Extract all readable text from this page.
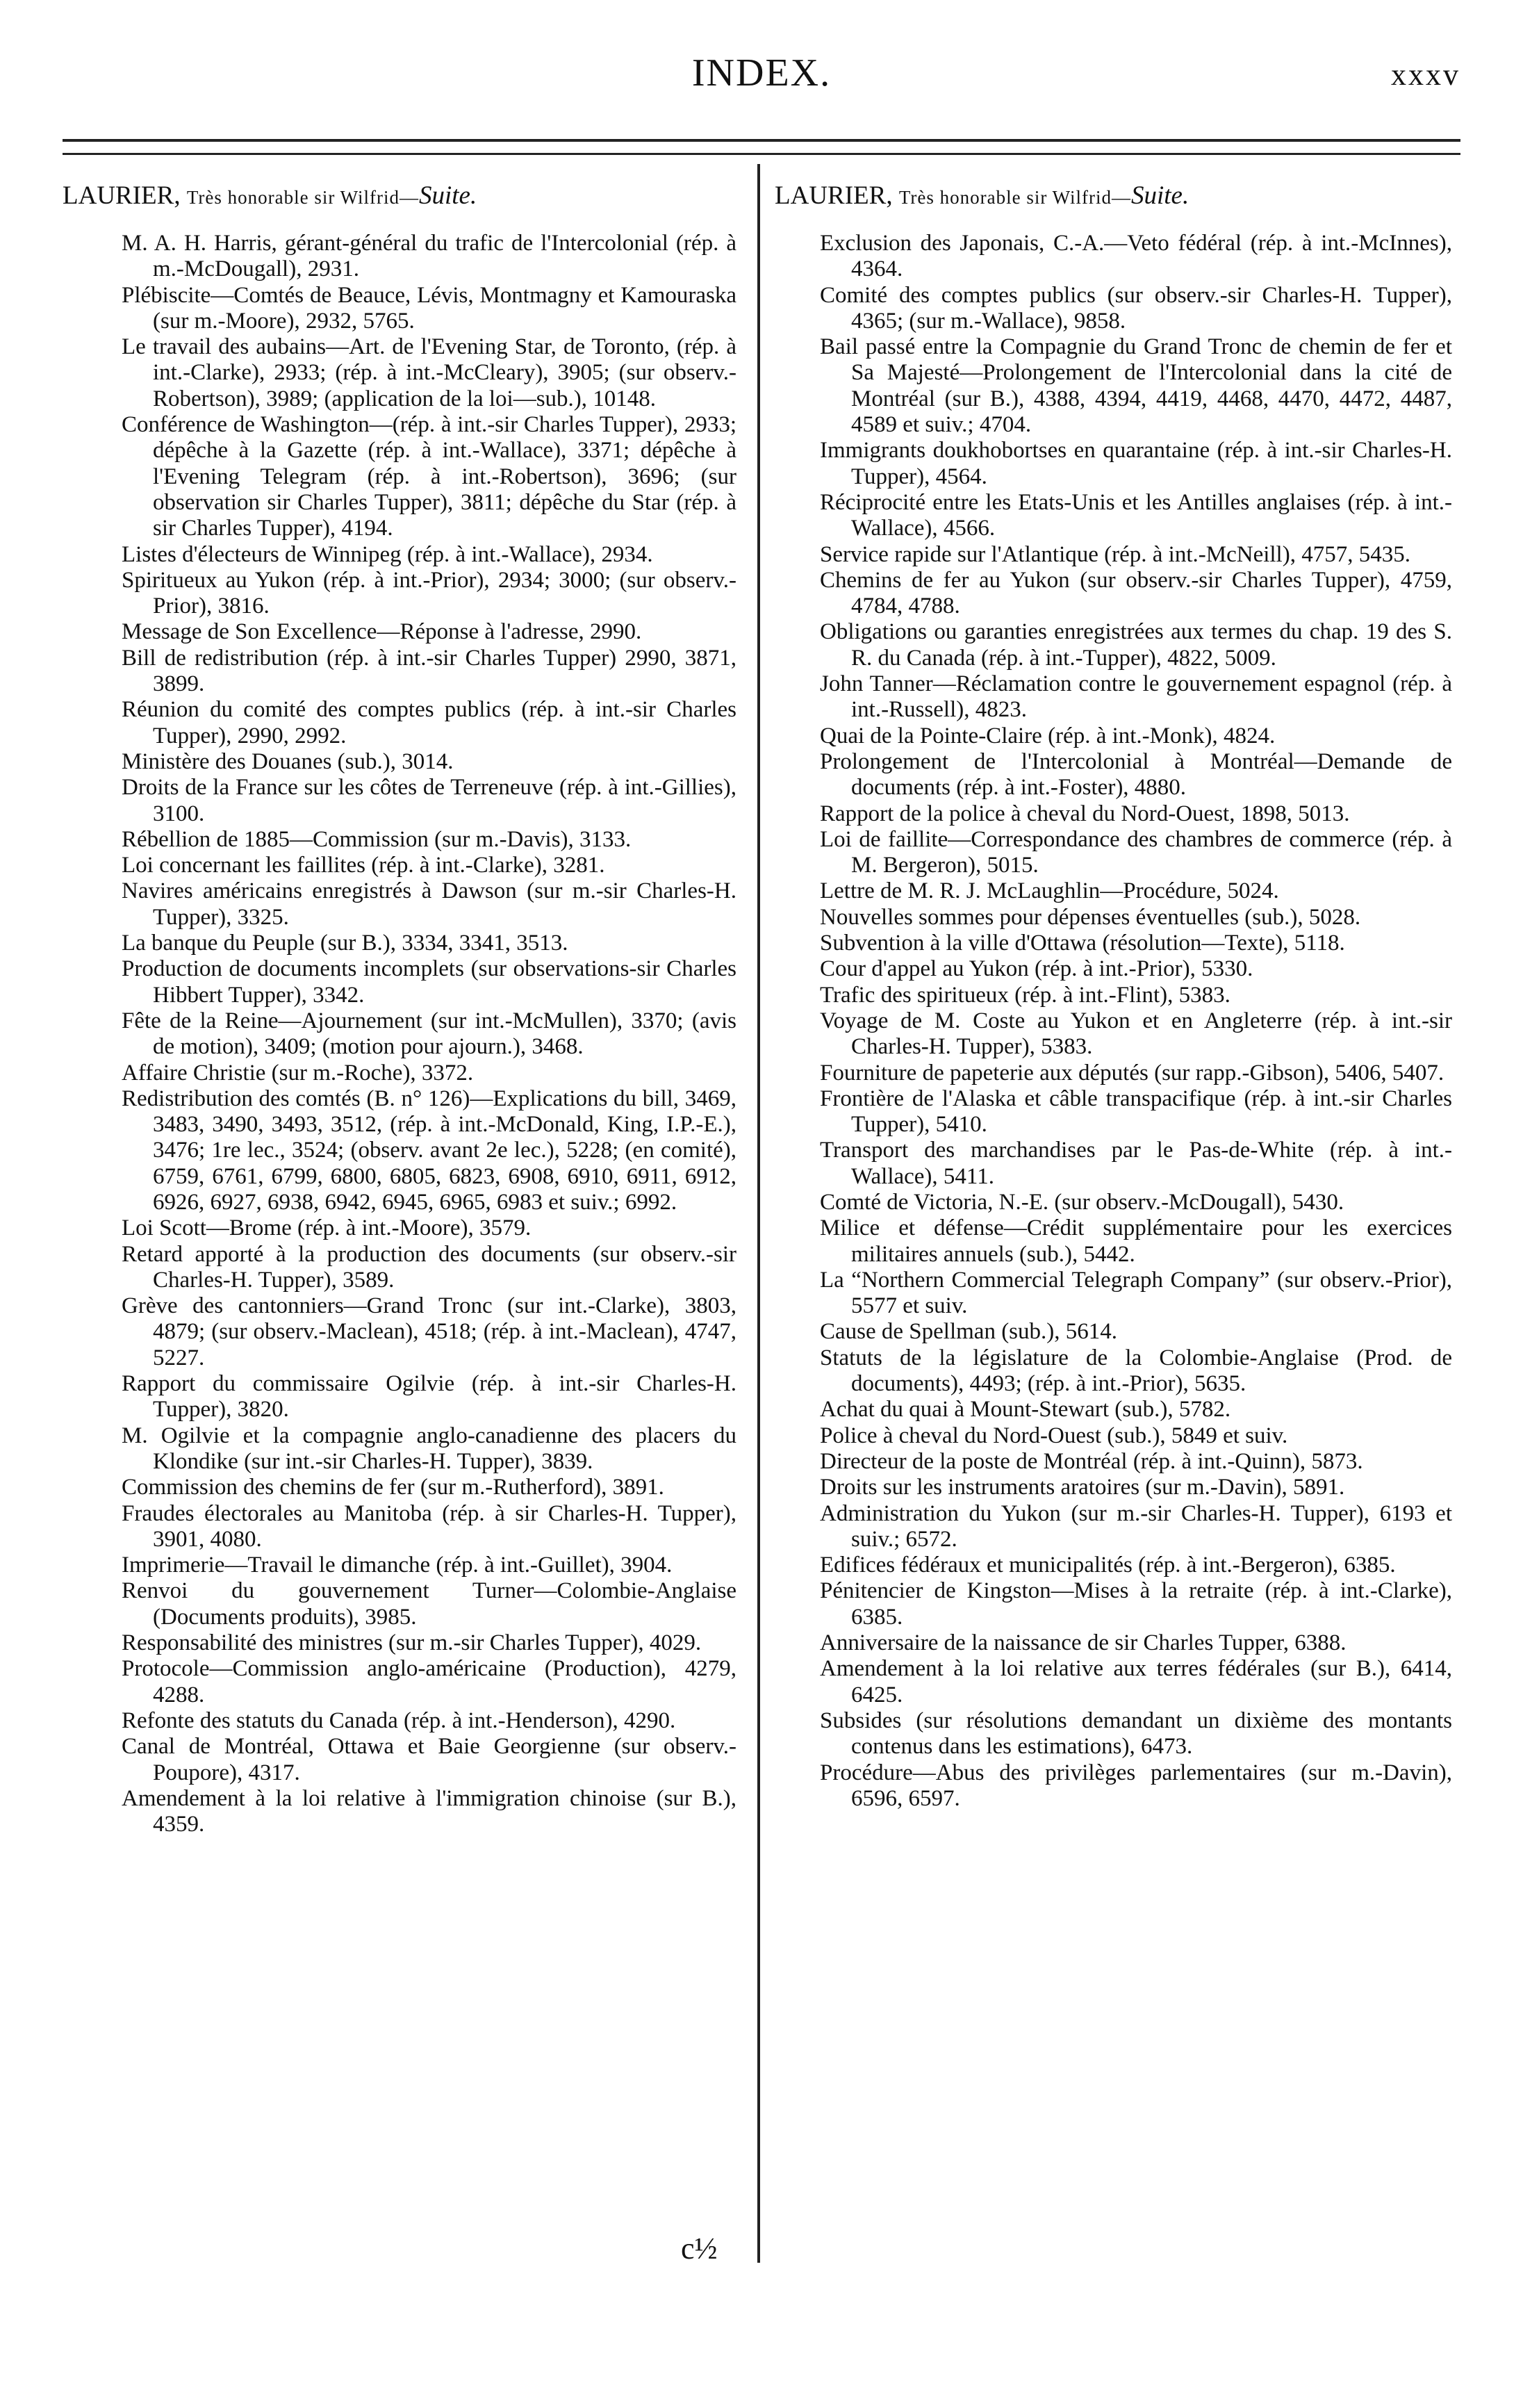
INDEX.	xxxv
LAURIER, Très honorable sir Wilfrid—Suite.
M. A. H. Harris, gérant-général du trafic de l'Intercolonial (rép. à m.-McDougall), 2931.
Plébiscite—Comtés de Beauce, Lévis, Montmagny et Kamouraska (sur m.-Moore), 2932, 5765.
Le travail des aubains—Art. de l'Evening Star, de Toronto, (rép. à int.-Clarke), 2933; (rép. à int.-McCleary), 3905; (sur observ.-Robertson), 3989; (application de la loi—sub.), 10148.
Conférence de Washington—(rép. à int.-sir Charles Tupper), 2933; dépêche à la Gazette (rép. à int.-Wallace), 3371; dépêche à l'Evening Telegram (rép. à int.-Robertson), 3696; (sur observation sir Charles Tupper), 3811; dépêche du Star (rép. à sir Charles Tupper), 4194.
Listes d'électeurs de Winnipeg (rép. à int.-Wallace), 2934.
Spiritueux au Yukon (rép. à int.-Prior), 2934; 3000; (sur observ.-Prior), 3816.
Message de Son Excellence—Réponse à l'adresse, 2990.
Bill de redistribution (rép. à int.-sir Charles Tupper) 2990, 3871, 3899.
Réunion du comité des comptes publics (rép. à int.-sir Charles Tupper), 2990, 2992.
Ministère des Douanes (sub.), 3014.
Droits de la France sur les côtes de Terreneuve (rép. à int.-Gillies), 3100.
Rébellion de 1885—Commission (sur m.-Davis), 3133.
Loi concernant les faillites (rép. à int.-Clarke), 3281.
Navires américains enregistrés à Dawson (sur m.-sir Charles-H. Tupper), 3325.
La banque du Peuple (sur B.), 3334, 3341, 3513.
Production de documents incomplets (sur observations-sir Charles Hibbert Tupper), 3342.
Fête de la Reine—Ajournement (sur int.-McMullen), 3370; (avis de motion), 3409; (motion pour ajourn.), 3468.
Affaire Christie (sur m.-Roche), 3372.
Redistribution des comtés (B. n° 126)—Explications du bill, 3469, 3483, 3490, 3493, 3512, (rép. à int.-McDonald, King, I.P.-E.), 3476; 1re lec., 3524; (observ. avant 2e lec.), 5228; (en comité), 6759, 6761, 6799, 6800, 6805, 6823, 6908, 6910, 6911, 6912, 6926, 6927, 6938, 6942, 6945, 6965, 6983 et suiv.; 6992.
Loi Scott—Brome (rép. à int.-Moore), 3579.
Retard apporté à la production des documents (sur observ.-sir Charles-H. Tupper), 3589.
Grève des cantonniers—Grand Tronc (sur int.-Clarke), 3803, 4879; (sur observ.-Maclean), 4518; (rép. à int.-Maclean), 4747, 5227.
Rapport du commissaire Ogilvie (rép. à int.-sir Charles-H. Tupper), 3820.
M. Ogilvie et la compagnie anglo-canadienne des placers du Klondike (sur int.-sir Charles-H. Tupper), 3839.
Commission des chemins de fer (sur m.-Rutherford), 3891.
Fraudes électorales au Manitoba (rép. à sir Charles-H. Tupper), 3901, 4080.
Imprimerie—Travail le dimanche (rép. à int.-Guillet), 3904.
Renvoi du gouvernement Turner—Colombie-Anglaise (Documents produits), 3985.
Responsabilité des ministres (sur m.-sir Charles Tupper), 4029.
Protocole—Commission anglo-américaine (Production), 4279, 4288.
Refonte des statuts du Canada (rép. à int.-Henderson), 4290.
Canal de Montréal, Ottawa et Baie Georgienne (sur observ.-Poupore), 4317.
Amendement à la loi relative à l'immigration chinoise (sur B.), 4359.
LAURIER, Très honorable sir Wilfrid—Suite.
Exclusion des Japonais, C.-A.—Veto fédéral (rép. à int.-McInnes), 4364.
Comité des comptes publics (sur observ.-sir Charles-H. Tupper), 4365; (sur m.-Wallace), 9858.
Bail passé entre la Compagnie du Grand Tronc de chemin de fer et Sa Majesté—Prolongement de l'Intercolonial dans la cité de Montréal (sur B.), 4388, 4394, 4419, 4468, 4470, 4472, 4487, 4589 et suiv.; 4704.
Immigrants doukhobortses en quarantaine (rép. à int.-sir Charles-H. Tupper), 4564.
Réciprocité entre les Etats-Unis et les Antilles anglaises (rép. à int.-Wallace), 4566.
Service rapide sur l'Atlantique (rép. à int.-McNeill), 4757, 5435.
Chemins de fer au Yukon (sur observ.-sir Charles Tupper), 4759, 4784, 4788.
Obligations ou garanties enregistrées aux termes du chap. 19 des S. R. du Canada (rép. à int.-Tupper), 4822, 5009.
John Tanner—Réclamation contre le gouvernement espagnol (rép. à int.-Russell), 4823.
Quai de la Pointe-Claire (rép. à int.-Monk), 4824.
Prolongement de l'Intercolonial à Montréal—Demande de documents (rép. à int.-Foster), 4880.
Rapport de la police à cheval du Nord-Ouest, 1898, 5013.
Loi de faillite—Correspondance des chambres de commerce (rép. à M. Bergeron), 5015.
Lettre de M. R. J. McLaughlin—Procédure, 5024.
Nouvelles sommes pour dépenses éventuelles (sub.), 5028.
Subvention à la ville d'Ottawa (résolution—Texte), 5118.
Cour d'appel au Yukon (rép. à int.-Prior), 5330.
Trafic des spiritueux (rép. à int.-Flint), 5383.
Voyage de M. Coste au Yukon et en Angleterre (rép. à int.-sir Charles-H. Tupper), 5383.
Fourniture de papeterie aux députés (sur rapp.-Gibson), 5406, 5407.
Frontière de l'Alaska et câble transpacifique (rép. à int.-sir Charles Tupper), 5410.
Transport des marchandises par le Pas-de-White (rép. à int.-Wallace), 5411.
Comté de Victoria, N.-E. (sur observ.-McDougall), 5430.
Milice et défense—Crédit supplémentaire pour les exercices militaires annuels (sub.), 5442.
La “Northern Commercial Telegraph Company” (sur observ.-Prior), 5577 et suiv.
Cause de Spellman (sub.), 5614.
Statuts de la législature de la Colombie-Anglaise (Prod. de documents), 4493; (rép. à int.-Prior), 5635.
Achat du quai à Mount-Stewart (sub.), 5782.
Police à cheval du Nord-Ouest (sub.), 5849 et suiv.
Directeur de la poste de Montréal (rép. à int.-Quinn), 5873.
Droits sur les instruments aratoires (sur m.-Davin), 5891.
Administration du Yukon (sur m.-sir Charles-H. Tupper), 6193 et suiv.; 6572.
Edifices fédéraux et municipalités (rép. à int.-Bergeron), 6385.
Pénitencier de Kingston—Mises à la retraite (rép. à int.-Clarke), 6385.
Anniversaire de la naissance de sir Charles Tupper, 6388.
Amendement à la loi relative aux terres fédérales (sur B.), 6414, 6425.
Subsides (sur résolutions demandant un dixième des montants contenus dans les estimations), 6473.
Procédure—Abus des privilèges parlementaires (sur m.-Davin), 6596, 6597.
c½
